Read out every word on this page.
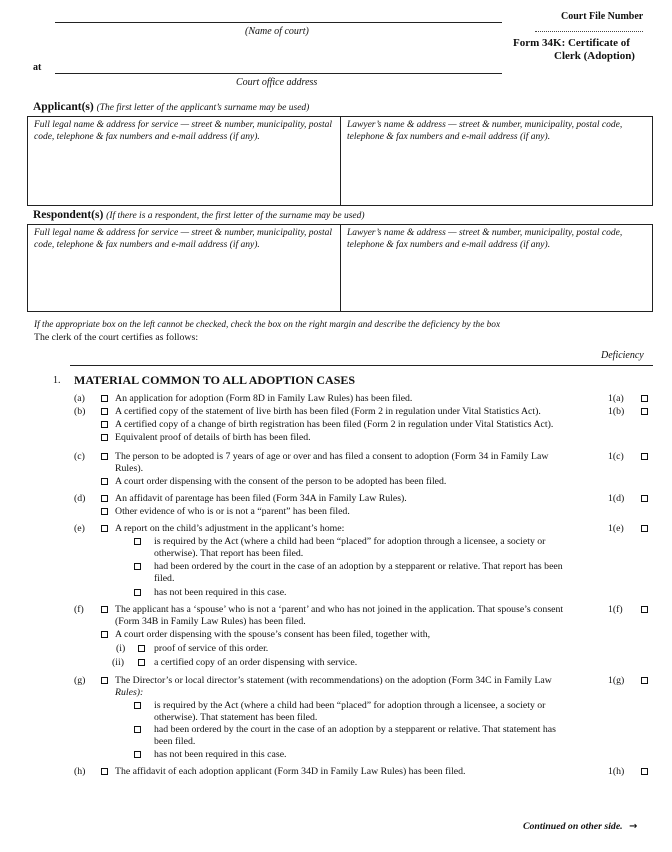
(Name of court)
Court File Number
Form 34K: Certificate of
Clerk (Adoption)
at
Court office address
Applicant(s) (The first letter of the applicant’s surname may be used)
Full legal name & address for service — street & number, municipality, postal code, telephone & fax numbers and e-mail address (if any).
Lawyer’s name & address — street & number, municipality, postal code, telephone & fax numbers and e-mail address (if any).
Respondent(s) (If there is a respondent, the first letter of the surname may be used)
Full legal name & address for service — street & number, municipality, postal code, telephone & fax numbers and e-mail address (if any).
Lawyer’s name & address — street & number, municipality, postal code, telephone & fax numbers and e-mail address (if any).
If the appropriate box on the left cannot be checked, check the box on the right margin and describe the deficiency by the box
The clerk of the court certifies as follows:
Deficiency
1. MATERIAL COMMON TO ALL ADOPTION CASES
(a)	An application for adoption (Form 8D in Family Law Rules) has been filed.	1(a)
(b)	A certified copy of the statement of live birth has been filed (Form 2 in regulation under Vital Statistics Act).	1(b)
A certified copy of a change of birth registration has been filed (Form 2 in regulation under Vital Statistics Act).
Equivalent proof of details of birth has been filed.
(c)	The person to be adopted is 7 years of age or over and has filed a consent to adoption (Form 34 in Family Law	1(c)
Rules).
A court order dispensing with the consent of the person to be adopted has been filed.
(d)	An affidavit of parentage has been filed (Form 34A in Family Law Rules).	1(d)
Other evidence of who is or is not a “parent” has been filed.
(e)	A report on the child’s adjustment in the applicant’s home:	1(e)
is required by the Act (where a child had been “placed” for adoption through a licensee, a society or
otherwise). That report has been filed.
had been ordered by the court in the case of an adoption by a stepparent or relative. That report has been
filed.
has not been required in this case.
(f)	The applicant has a ‘spouse’ who is not a ‘parent’ and who has not joined in the application. That spouse’s consent	1(f)
(Form 34B in Family Law Rules) has been filed.
A court order dispensing with the spouse’s consent has been filed, together with,
(i)	proof of service of this order.
(ii)	a certified copy of an order dispensing with service.
(g)	The Director’s or local director’s statement (with recommendations) on the adoption (Form 34C in Family Law	1(g)
Rules):
is required by the Act (where a child had been “placed” for adoption through a licensee, a society or
otherwise). That statement has been filed.
had been ordered by the court in the case of an adoption by a stepparent or relative. That statement has
been filed.
has not been required in this case.
(h)	The affidavit of each adoption applicant (Form 34D in Family Law Rules) has been filed.	1(h)
Continued on other side. →
